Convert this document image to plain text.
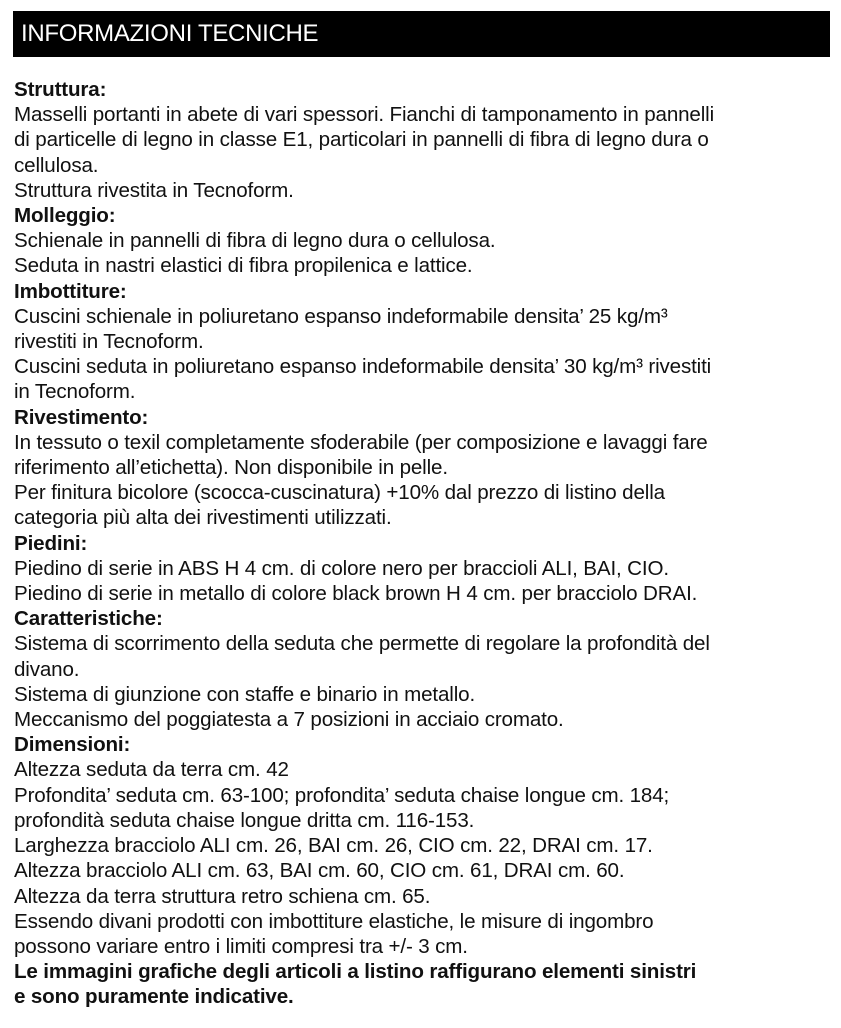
INFORMAZIONI TECNICHE
Struttura:
Masselli portanti in abete di vari spessori. Fianchi di tamponamento in pannelli
di particelle di legno in classe E1, particolari in pannelli di fibra di legno dura o
cellulosa.
Struttura rivestita in Tecnoform.
Molleggio:
Schienale in pannelli di fibra di legno dura o cellulosa.
Seduta in nastri elastici di fibra propilenica e lattice.
Imbottiture:
Cuscini schienale in poliuretano espanso indeformabile densita’ 25 kg/m³
rivestiti in Tecnoform.
Cuscini seduta in poliuretano espanso indeformabile densita’ 30 kg/m³ rivestiti
in Tecnoform.
Rivestimento:
In tessuto o texil completamente sfoderabile (per composizione e lavaggi fare
riferimento all’etichetta). Non disponibile in pelle.
Per finitura bicolore (scocca-cuscinatura) +10% dal prezzo di listino della
categoria più alta dei rivestimenti utilizzati.
Piedini:
Piedino di serie in ABS H 4 cm. di colore nero per braccioli ALI, BAI, CIO.
Piedino di serie in metallo di colore black brown H 4 cm. per bracciolo DRAI.
Caratteristiche:
Sistema di scorrimento della seduta che permette di regolare la profondità del
divano.
Sistema di giunzione con staffe e binario in metallo.
Meccanismo del poggiatesta a 7 posizioni in acciaio cromato.
Dimensioni:
Altezza seduta da terra cm. 42
Profondita’ seduta cm. 63-100; profondita’ seduta chaise longue cm. 184;
profondità seduta chaise longue dritta cm. 116-153.
Larghezza bracciolo ALI cm. 26, BAI cm. 26, CIO cm. 22, DRAI cm. 17.
Altezza bracciolo ALI cm. 63, BAI cm. 60, CIO cm. 61, DRAI cm. 60.
Altezza da terra struttura retro schiena cm. 65.
Essendo divani prodotti con imbottiture elastiche, le misure di ingombro
possono variare entro i limiti compresi tra +/- 3 cm.
Le immagini grafiche degli articoli a listino raffigurano elementi sinistri
e sono puramente indicative.
